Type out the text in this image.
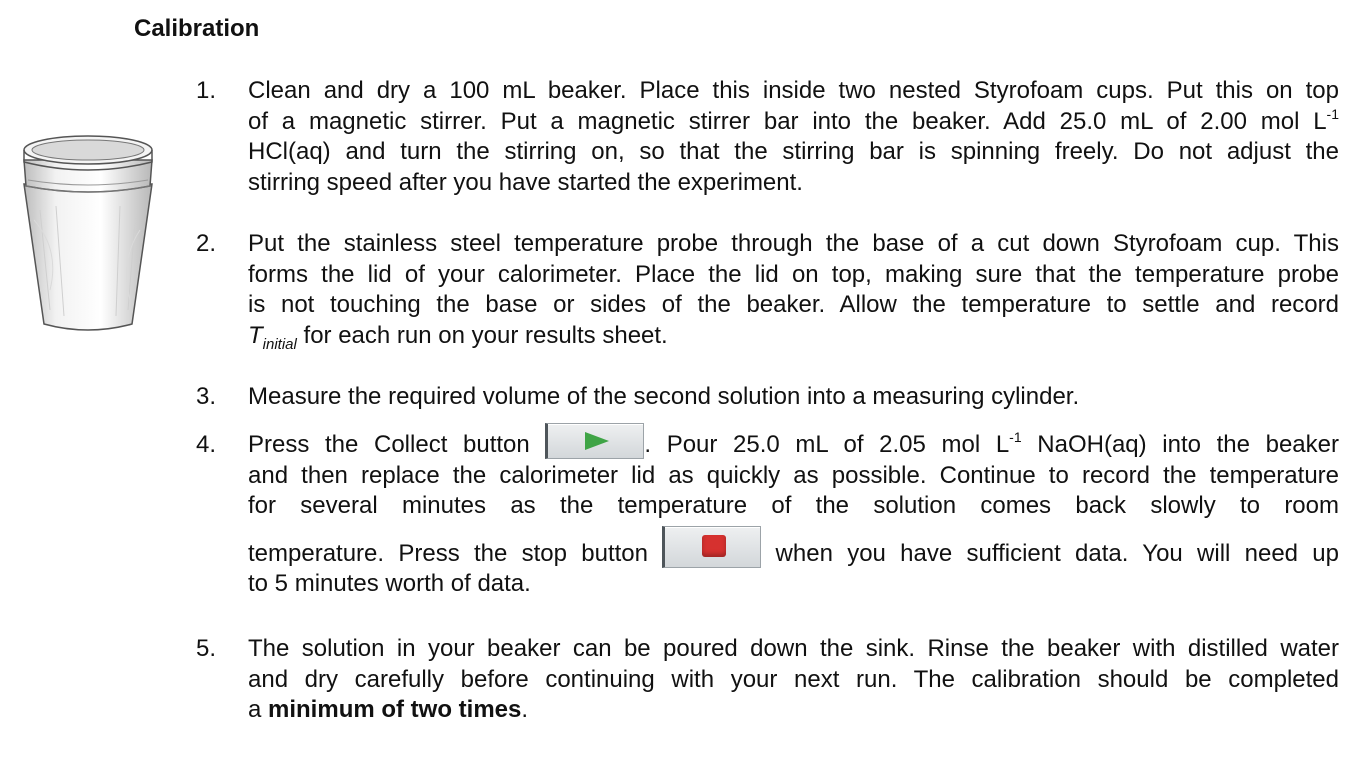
Calibration
1.	Clean and dry a 100 mL beaker. Place this inside two nested Styrofoam cups. Put this on top
of a magnetic stirrer. Put a magnetic stirrer bar into the beaker. Add 25.0 mL of 2.00 mol $L^{-1}$
HCl(aq) and turn the stirring on, so that the stirring bar is spinning freely. Do not adjust the
stirring speed after you have started the experiment.
2.	Put the stainless steel temperature probe through the base of a cut down Styrofoam cup. This
forms the lid of your calorimeter. Place the lid on top, making sure that the temperature probe
is not touching the base or sides of the beaker. Allow the temperature to settle and record
$T_{initial}$ for each run on your results sheet.
3.	Measure the required volume of the second solution into a measuring cylinder.
4.	Press the Collect button	. Pour 25.0 mL of 2.05 mol $L^{-1}$ NaOH(aq) into the beaker
and then replace the calorimeter lid as quickly as possible. Continue to record the temperature
for several minutes as the temperature of the solution comes back slowly to room
temperature. Press the stop button	when you have sufficient data. You will need up
to 5 minutes worth of data.
5.	The solution in your beaker can be poured down the sink. Rinse the beaker with distilled water
and dry carefully before continuing with your next run. The calibration should be completed
a minimum of two times.
